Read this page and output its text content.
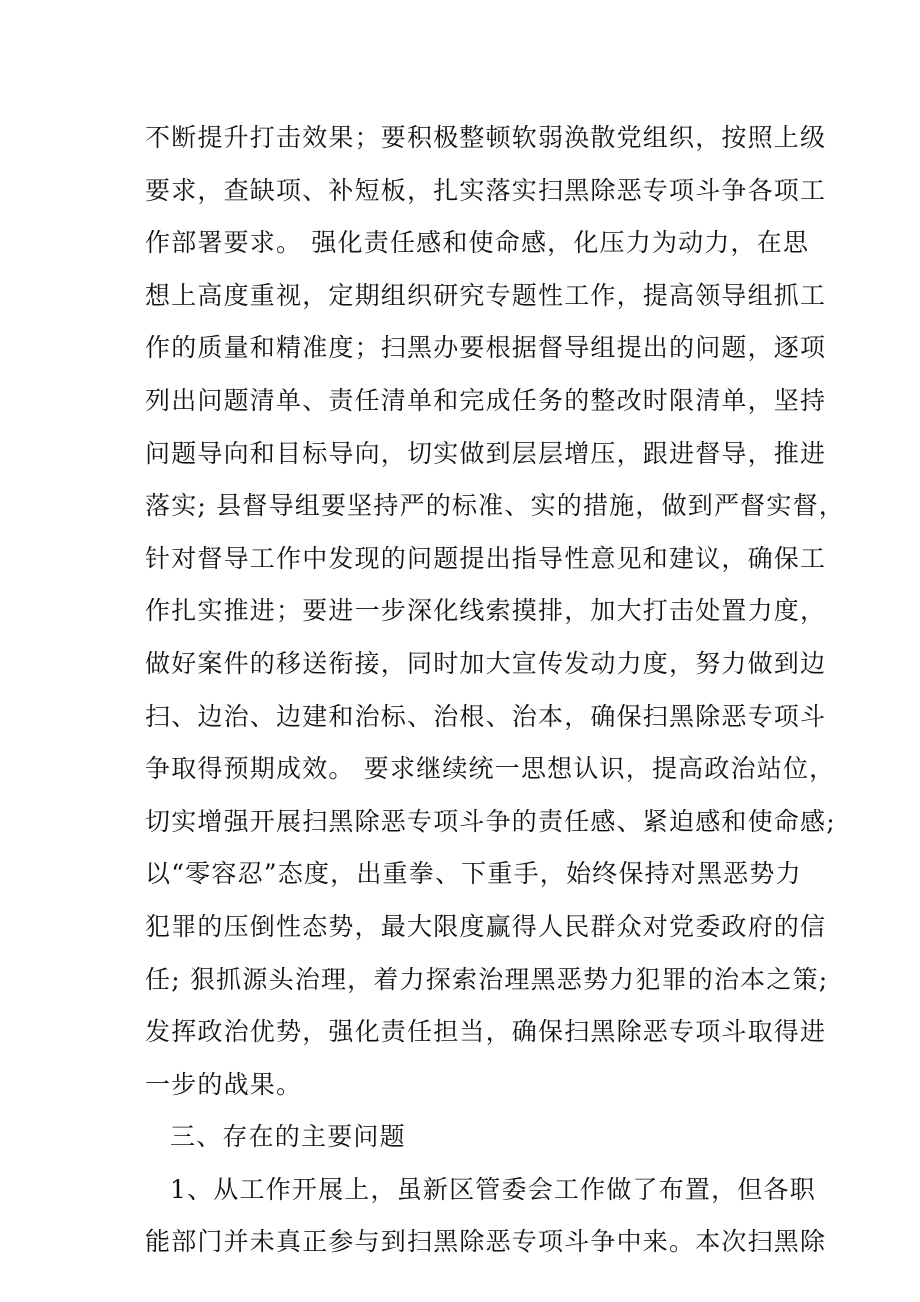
不断提升打击效果；要积极整顿软弱涣散党组织，按照上级
要求，查缺项、补短板，扎实落实扫黑除恶专项斗争各项工
作部署要求。 强化责任感和使命感，化压力为动力，在思
想上高度重视，定期组织研究专题性工作，提高领导组抓工
作的质量和精准度；扫黑办要根据督导组提出的问题，逐项
列出问题清单、责任清单和完成任务的整改时限清单，坚持
问题导向和目标导向，切实做到层层增压，跟进督导，推进
落实; 县督导组要坚持严的标准、实的措施，做到严督实督，
针对督导工作中发现的问题提出指导性意见和建议，确保工
作扎实推进；要进一步深化线索摸排，加大打击处置力度，
做好案件的移送衔接，同时加大宣传发动力度，努力做到边
扫、边治、边建和治标、治根、治本，确保扫黑除恶专项斗
争取得预期成效。 要求继续统一思想认识，提高政治站位，
切实增强开展扫黑除恶专项斗争的责任感、紧迫感和使命感;
以“零容忍”态度，出重拳、下重手，始终保持对黑恶势力
犯罪的压倒性态势，最大限度赢得人民群众对党委政府的信
任; 狠抓源头治理，着力探索治理黑恶势力犯罪的治本之策;
发挥政治优势，强化责任担当，确保扫黑除恶专项斗取得进
一步的战果。
三、存在的主要问题
1、从工作开展上，虽新区管委会工作做了布置，但各职
能部门并未真正参与到扫黑除恶专项斗争中来。本次扫黑除
